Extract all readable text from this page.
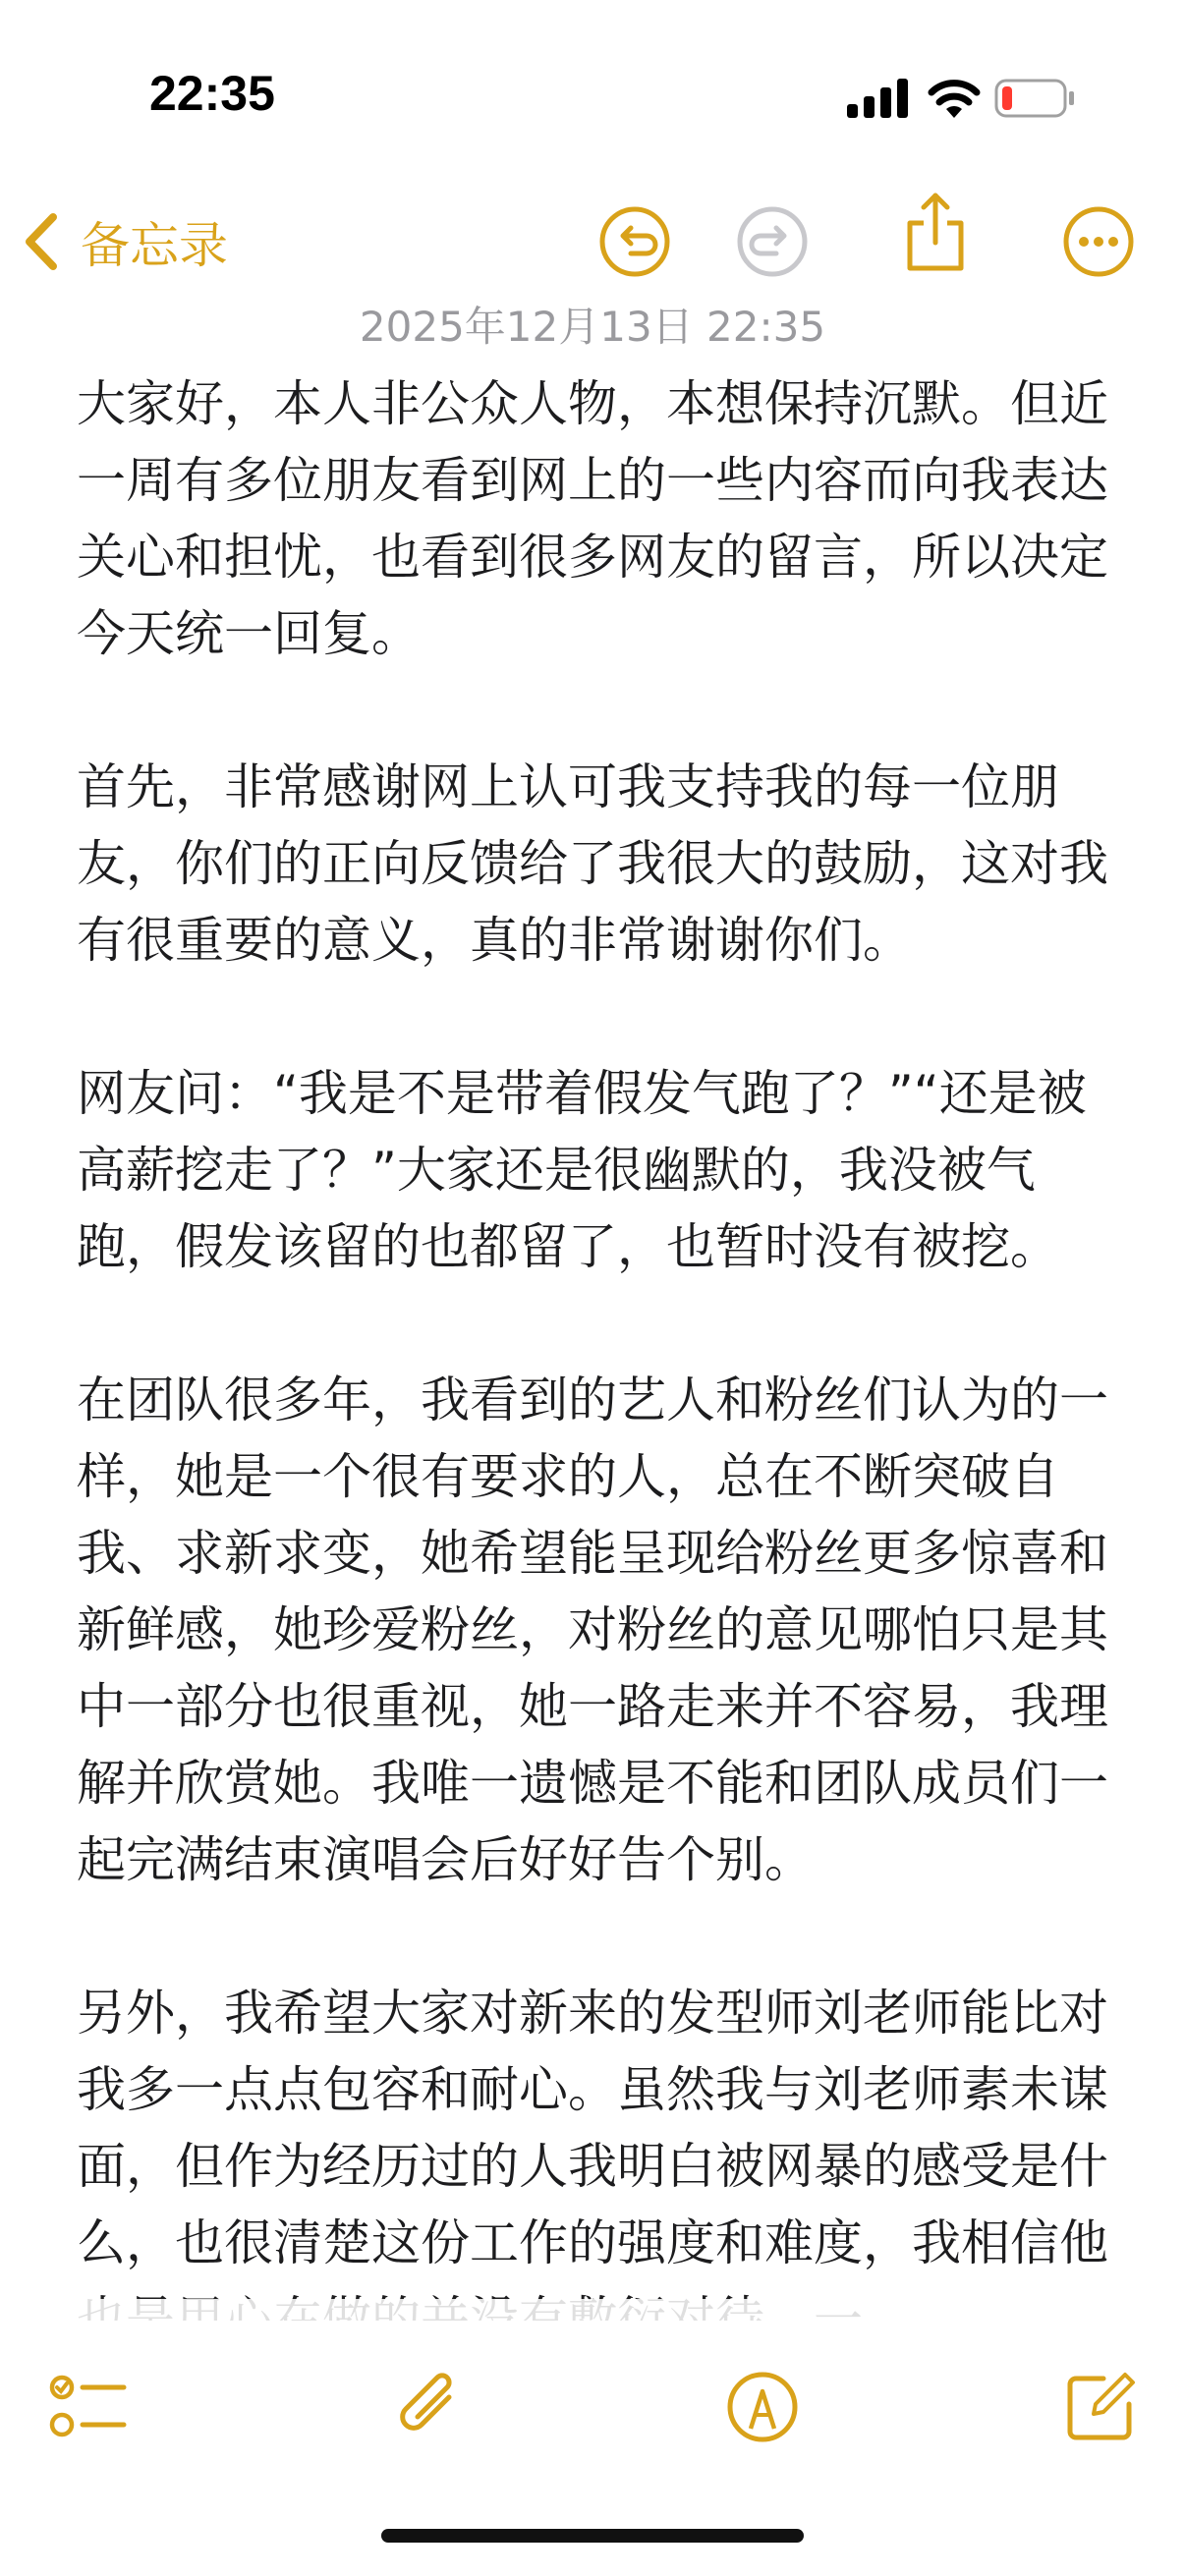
22:35
备忘录
2025年12月13日 22:35

大家好，本人非公众人物，本想保持沉默。但近一周有多位朋友看到网上的一些内容而向我表达关心和担忧，也看到很多网友的留言，所以决定今天统一回复。

首先，非常感谢网上认可我支持我的每一位朋友，你们的正向反馈给了我很大的鼓励，这对我有很重要的意义，真的非常谢谢你们。

网友问：“我是不是带着假发气跑了？”“还是被高薪挖走了？”大家还是很幽默的，我没被气跑，假发该留的也都留了，也暂时没有被挖。

在团队很多年，我看到的艺人和粉丝们认为的一样，她是一个很有要求的人，总在不断突破自我、求新求变，她希望能呈现给粉丝更多惊喜和新鲜感，她珍爱粉丝，对粉丝的意见哪怕只是其中一部分也很重视，她一路走来并不容易，我理解并欣赏她。我唯一遗憾是不能和团队成员们一起完满结束演唱会后好好告个别。

另外，我希望大家对新来的发型师刘老师能比对我多一点点包容和耐心。虽然我与刘老师素未谋面，但作为经历过的人我明白被网暴的感受是什么，也很清楚这份工作的强度和难度，我相信他
